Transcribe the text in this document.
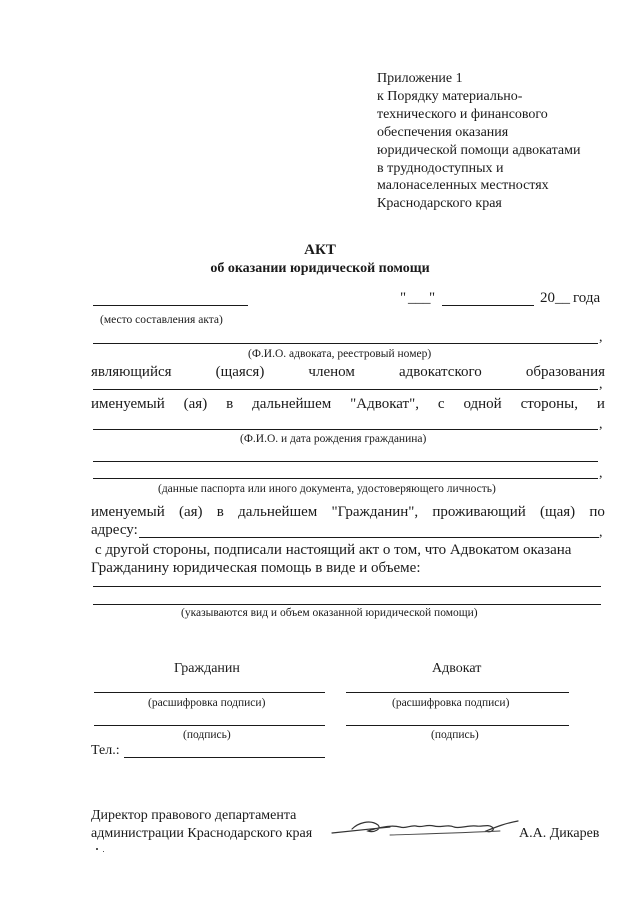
Приложение 1
к Порядку материально-
технического и финансового
обеспечения оказания
юридической помощи адвокатами
в труднодоступных и
малонаселенных местностях
Краснодарского края
АКТ
об оказании юридической помощи
" ___
"	20__ года
(место составления акта)
,
(Ф.И.О. адвоката, реестровый номер)
являющийся	(щаяся)	членом	адвокатского	образования
,
именуемый (ая) в дальнейшем "Адвокат", с одной стороны, и
,
(Ф.И.О. и дата рождения гражданина)
,
(данные паспорта или иного документа, удостоверяющего личность)
именуемый (ая) в дальнейшем "Гражданин", проживающий (щая) по
адресу:	,
с другой стороны, подписали настоящий акт о том, что Адвокатом оказана
Гражданину юридическая помощь в виде и объеме:
(указываются вид и объем оказанной юридической помощи)
Гражданин	Адвокат
(расшифровка подписи)	(расшифровка подписи)
(подпись)	(подпись)
Тел.:
Директор правового департамента
администрации Краснодарского края	А.А. Дикарев
